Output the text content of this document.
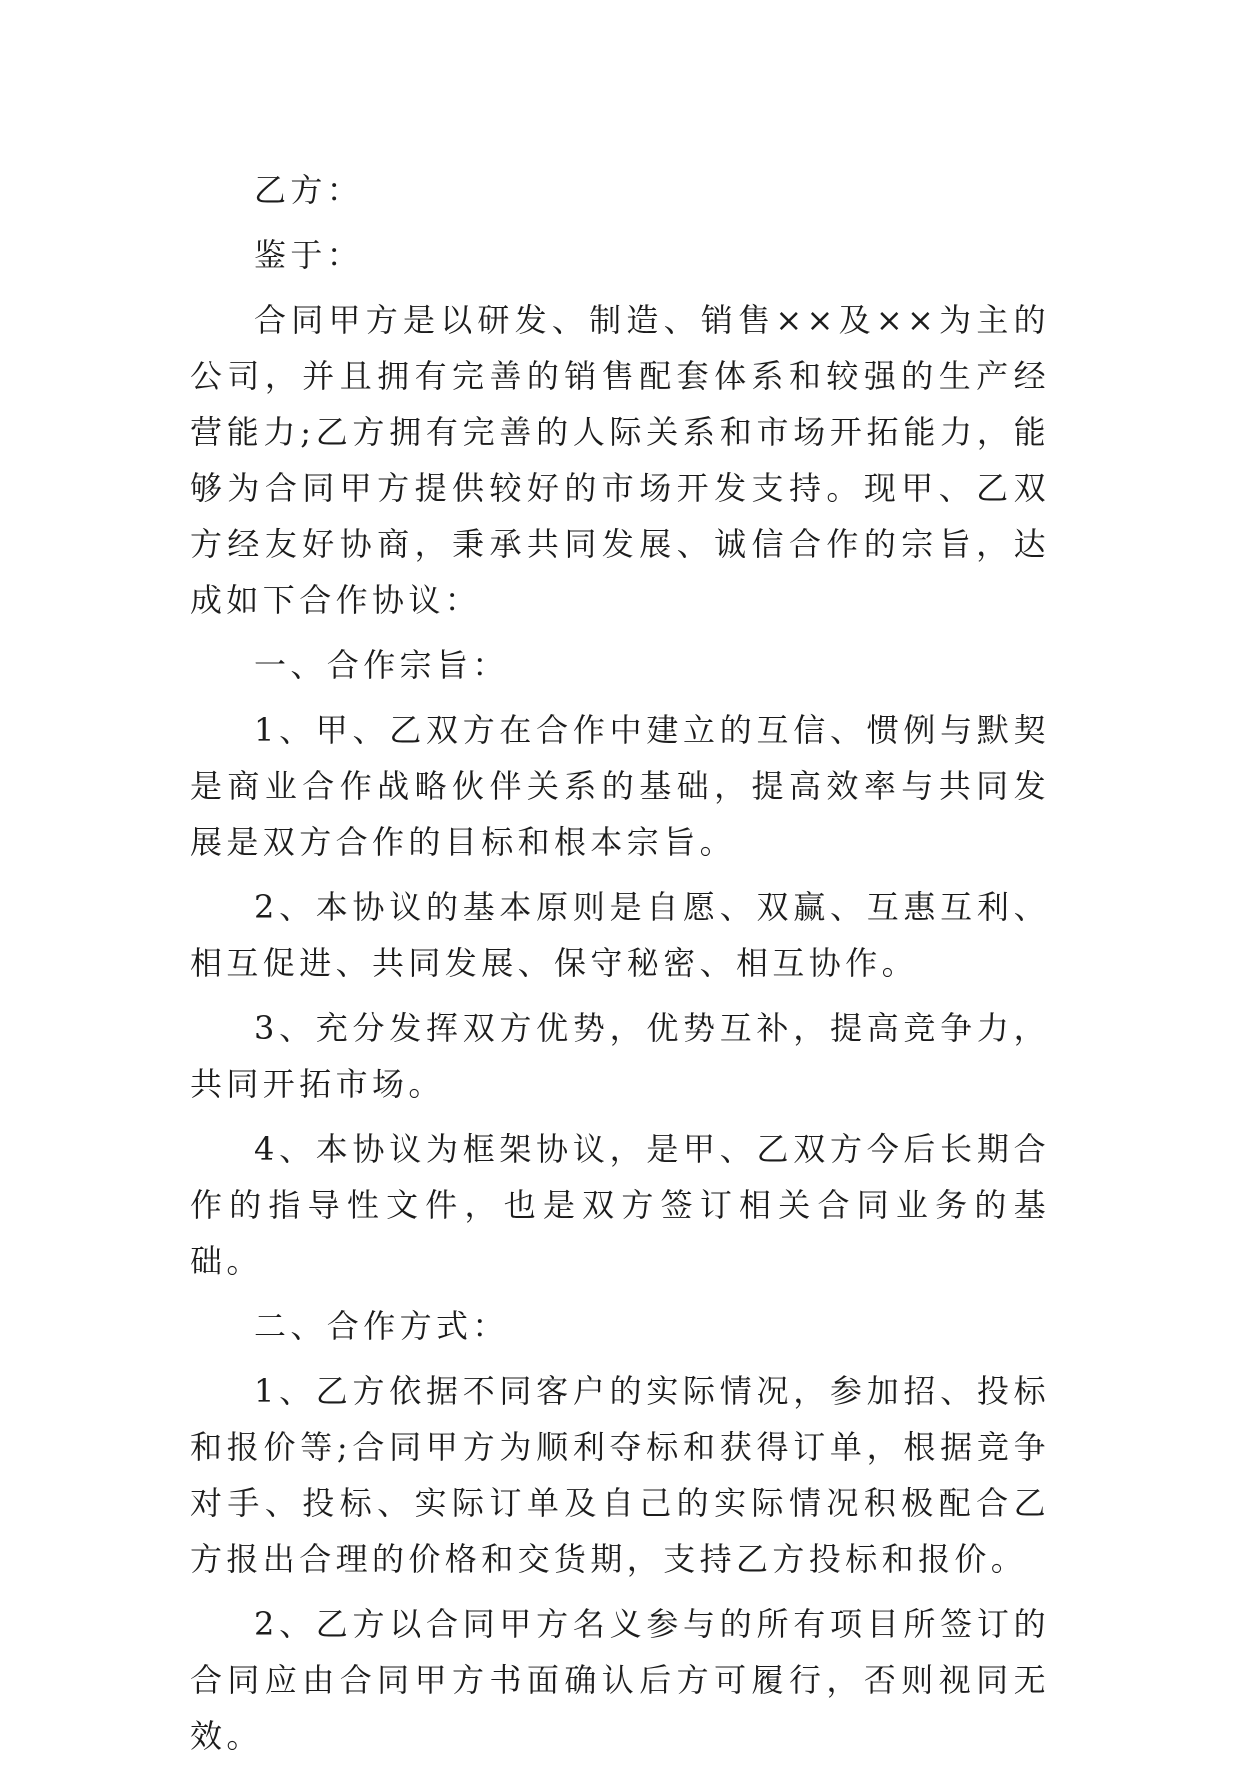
乙方：

鉴于：

合同甲方是以研发、制造、销售××及××为主的公司，并且拥有完善的销售配套体系和较强的生产经营能力;乙方拥有完善的人际关系和市场开拓能力，能够为合同甲方提供较好的市场开发支持。现甲、乙双方经友好协商，秉承共同发展、诚信合作的宗旨，达成如下合作协议：

一、合作宗旨：

1、甲、乙双方在合作中建立的互信、惯例与默契是商业合作战略伙伴关系的基础，提高效率与共同发展是双方合作的目标和根本宗旨。

2、本协议的基本原则是自愿、双赢、互惠互利、相互促进、共同发展、保守秘密、相互协作。

3、充分发挥双方优势，优势互补，提高竞争力，共同开拓市场。

4、本协议为框架协议，是甲、乙双方今后长期合作的指导性文件，也是双方签订相关合同业务的基础。

二、合作方式：

1、乙方依据不同客户的实际情况，参加招、投标和报价等;合同甲方为顺利夺标和获得订单，根据竞争对手、投标、实际订单及自己的实际情况积极配合乙方报出合理的价格和交货期，支持乙方投标和报价。

2、乙方以合同甲方名义参与的所有项目所签订的合同应由合同甲方书面确认后方可履行，否则视同无效。
